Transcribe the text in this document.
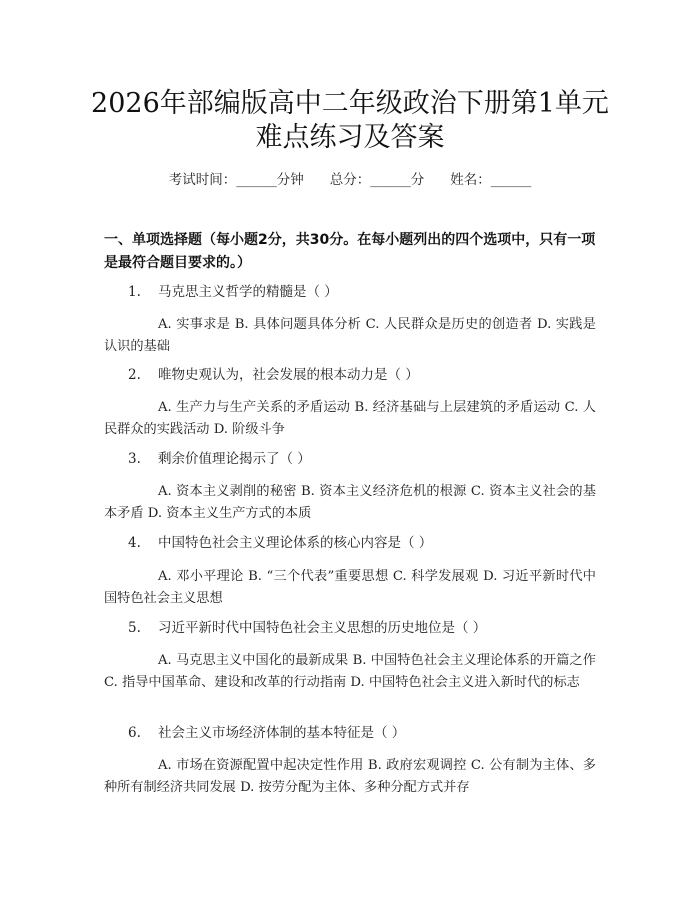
2026年部编版高中二年级政治下册第1单元
难点练习及答案
考试时间：______分钟 总分：______分 姓名：______
一、单项选择题（每小题2分，共30分。在每小题列出的四个选项中，只有一项是最符合题目要求的。）
1. 马克思主义哲学的精髓是（ ）
A. 实事求是 B. 具体问题具体分析 C. 人民群众是历史的创造者 D. 实践是认识的基础
2. 唯物史观认为，社会发展的根本动力是（ ）
A. 生产力与生产关系的矛盾运动 B. 经济基础与上层建筑的矛盾运动 C. 人民群众的实践活动 D. 阶级斗争
3. 剩余价值理论揭示了（ ）
A. 资本主义剥削的秘密 B. 资本主义经济危机的根源 C. 资本主义社会的基本矛盾 D. 资本主义生产方式的本质
4. 中国特色社会主义理论体系的核心内容是（ ）
A. 邓小平理论 B. “三个代表”重要思想 C. 科学发展观 D. 习近平新时代中国特色社会主义思想
5. 习近平新时代中国特色社会主义思想的历史地位是（ ）
A. 马克思主义中国化的最新成果 B. 中国特色社会主义理论体系的开篇之作 C. 指导中国革命、建设和改革的行动指南 D. 中国特色社会主义进入新时代的标志
6. 社会主义市场经济体制的基本特征是（ ）
A. 市场在资源配置中起决定性作用 B. 政府宏观调控 C. 公有制为主体、多种所有制经济共同发展 D. 按劳分配为主体、多种分配方式并存
